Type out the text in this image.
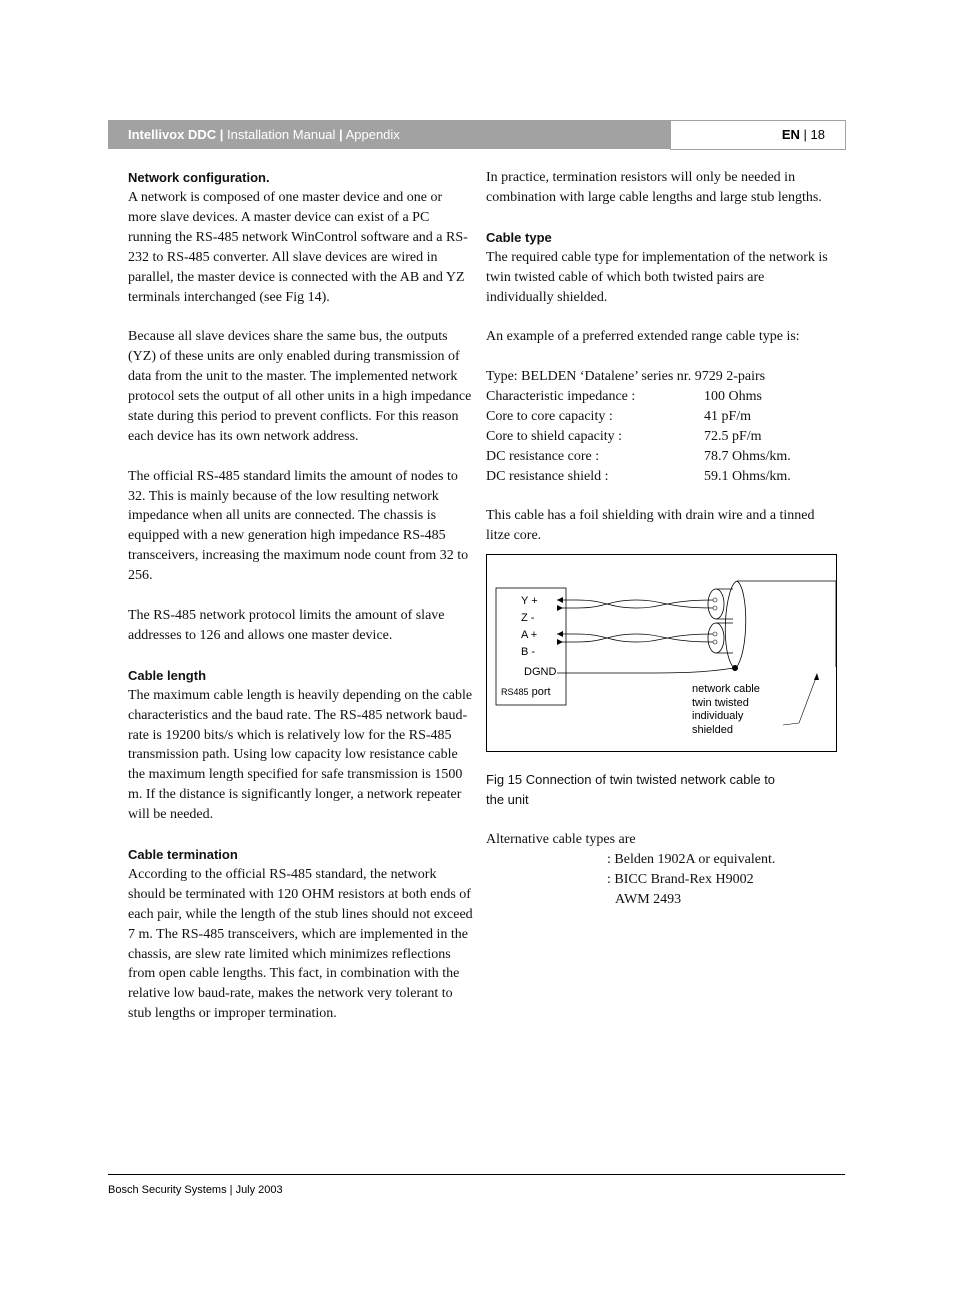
Intellivox DDC | Installation Manual | Appendix	EN | 18
Network configuration.

A network is composed of one master device and one or more slave devices. A master device can exist of a PC running the RS-485 network WinControl software and a RS-232 to RS-485 converter. All slave devices are wired in parallel, the master device is connected with the AB and YZ terminals interchanged (see Fig 14).

Because all slave devices share the same bus, the outputs (YZ) of these units are only enabled during transmission of data from the unit to the master. The implemented network protocol sets the output of all other units in a high impedance state during this period to prevent conflicts. For this reason each device has its own network address.

The official RS-485 standard limits the amount of nodes to 32. This is mainly because of the low resulting network impedance when all units are connected. The chassis is equipped with a new generation high impedance RS-485 transceivers, increasing the maximum node count from 32 to 256.

The RS-485 network protocol limits the amount of slave addresses to 126 and allows one master device.

Cable length

The maximum cable length is heavily depending on the cable characteristics and the baud rate. The RS-485 network baud-rate is 19200 bits/s which is relatively low for the RS-485 transmission path. Using low capacity low resistance cable the maximum length specified for safe transmission is 1500 m. If the distance is significantly longer, a network repeater will be needed.

Cable termination

According to the official RS-485 standard, the network should be terminated with 120 OHM resistors at both ends of each pair, while the length of the stub lines should not exceed 7 m. The RS-485 transceivers, which are implemented in the chassis, are slew rate limited which minimizes reflections from open cable lengths. This fact, in combination with the relative low baud-rate, makes the network very tolerant to stub lengths or improper termination.

In practice, termination resistors will only be needed in combination with large cable lengths and large stub lengths.

Cable type

The required cable type for implementation of the network is twin twisted cable of which both twisted pairs are individually shielded.

An example of a preferred extended range cable type is:

Type: BELDEN ‘Datalene’ series nr. 9729 2-pairs

Characteristic impedance :	100 Ohms
Core to core capacity :	41 pF/m
Core to shield capacity :	72.5 pF/m
DC resistance core :	78.7 Ohms/km.
DC resistance shield :	59.1 Ohms/km.

This cable has a foil shielding with drain wire and a tinned litze core.

Y +
Z -
A +
B -
DGND
RS485 port	network cable
twin twisted
individualy
shielded

Fig 15 Connection of twin twisted network cable to

the unit

Alternative cable types are

: Belden 1902A or equivalent.

: BICC Brand-Rex H9002

AWM 2493

Bosch Security Systems | July 2003
